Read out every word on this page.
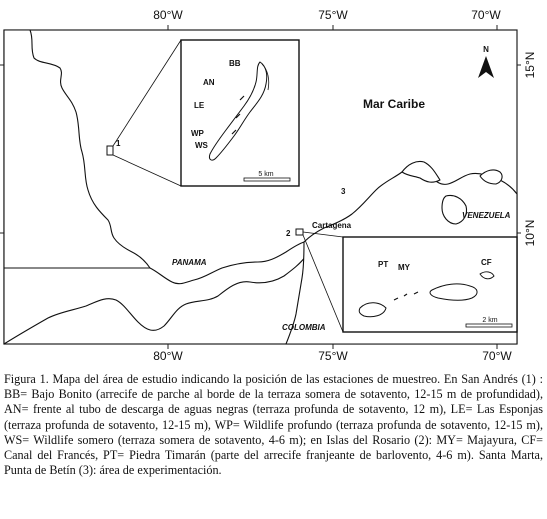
80°W	75°W	70°W
80°W	75°W	70°W
15°N
10°N
1
2
3
Cartagena
Mar Caribe
PANAMA
COLOMBIA
VENEZUELA
N
BB
AN
LE
WP
WS
5 km
PT MY
CF
2 km
Figura 1. Mapa del área de estudio indicando la posición de las estaciones de muestreo. En San Andrés (1) : BB= Bajo Bonito (arrecife de parche al borde de la terraza somera de sotavento, 12-15 m de profundidad), AN= frente al tubo de descarga de aguas negras (terraza profunda de sotavento, 12 m), LE= Las Esponjas (terraza profunda de sotavento, 12-15 m), WP= Wildlife profundo (terraza profunda de sotavento, 12-15 m), WS= Wildlife somero (terraza somera de sotavento, 4-6 m); en Islas del Rosario (2): MY= Majayura, CF= Canal del Francés, PT= Piedra Timarán (parte del arrecife franjeante de barlovento, 4-6 m). Santa Marta, Punta de Betín (3): área de experimentación.
